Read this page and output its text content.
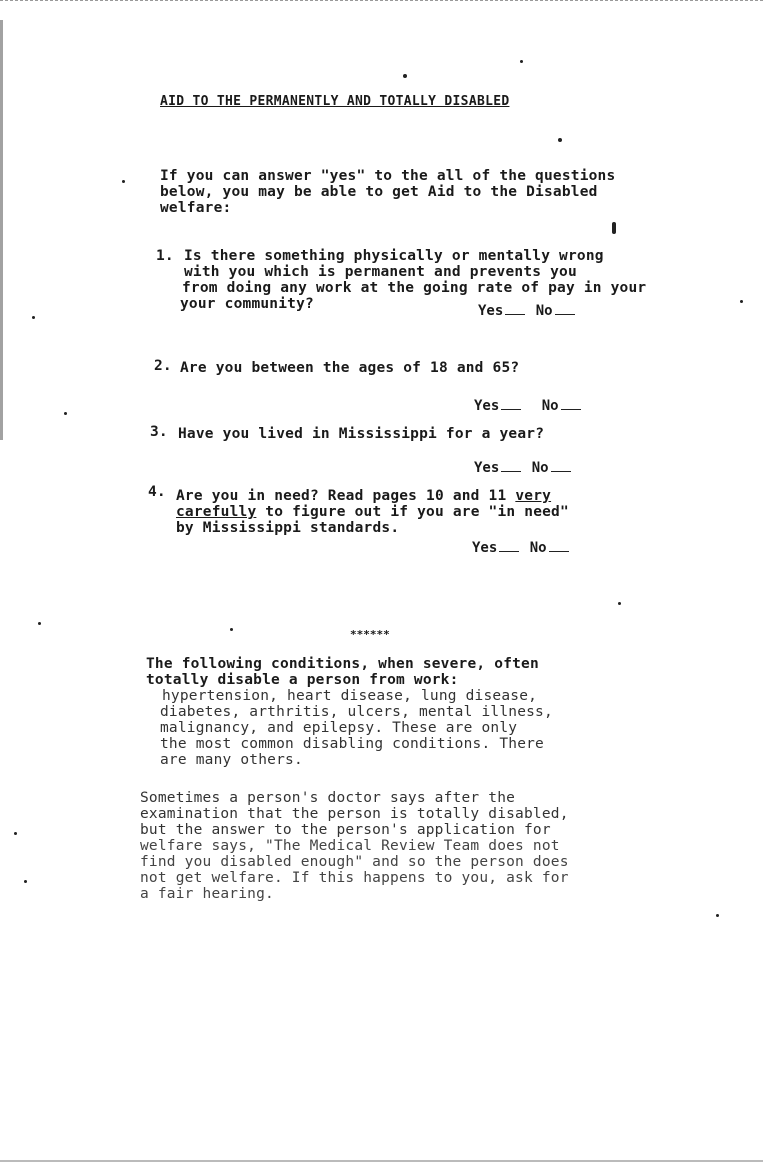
AID TO THE PERMANENTLY AND TOTALLY DISABLED
If you can answer "yes" to the all of the questions
below, you may be able to get Aid to the Disabled
welfare:
1. Is there something physically or mentally wrong
with you which is permanent and prevents you
from doing any work at the going rate of pay in your
your community?	Yes No
2. Are you between the ages of 18 and 65?
Yes	No
3. Have you lived in Mississippi for a year?
Yes No
4. Are you in need? Read pages 10 and 11 very
carefully to figure out if you are "in need"
by Mississippi standards.
Yes No
******
The following conditions, when severe, often
totally disable a person from work:
hypertension, heart disease, lung disease,
diabetes, arthritis, ulcers, mental illness,
malignancy, and epilepsy. These are only
the most common disabling conditions. There
are many others.
Sometimes a person's doctor says after the
examination that the person is totally disabled,
but the answer to the person's application for
welfare says, "The Medical Review Team does not
find you disabled enough" and so the person does
not get welfare. If this happens to you, ask for
a fair hearing.
